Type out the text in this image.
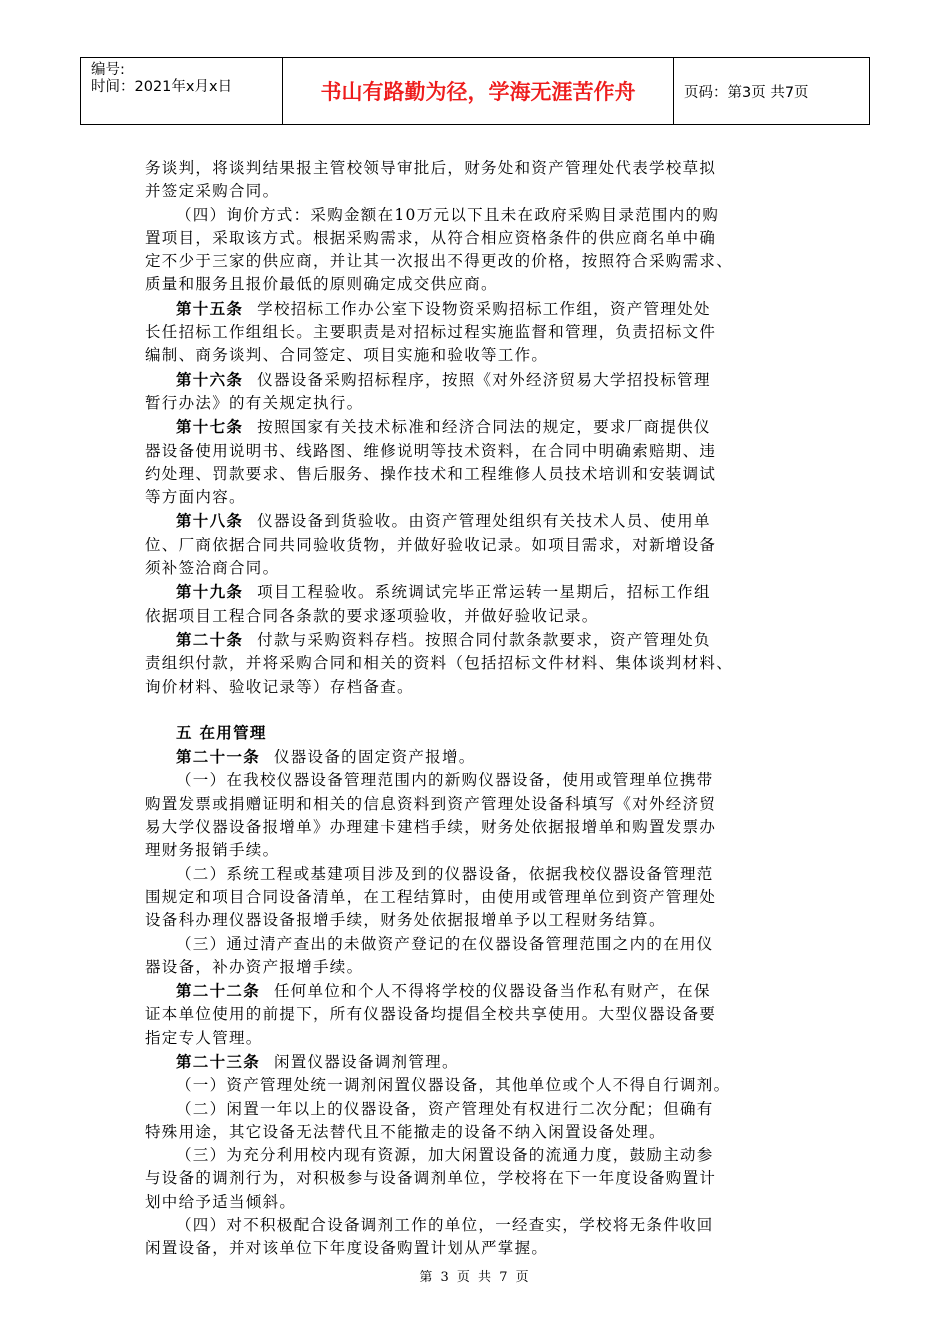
编号:
时间：2021年x月x日	书山有路勤为径，学海无涯苦作舟	页码：第3页 共7页

务谈判，将谈判结果报主管校领导审批后，财务处和资产管理处代表学校草拟

并签定采购合同。

（四）询价方式：采购金额在10万元以下且未在政府采购目录范围内的购

置项目，采取该方式。根据采购需求，从符合相应资格条件的供应商名单中确

定不少于三家的供应商，并让其一次报出不得更改的价格，按照符合采购需求、

质量和服务且报价最低的原则确定成交供应商。

第十五条 学校招标工作办公室下设物资采购招标工作组，资产管理处处

长任招标工作组组长。主要职责是对招标过程实施监督和管理，负责招标文件

编制、商务谈判、合同签定、项目实施和验收等工作。

第十六条 仪器设备采购招标程序，按照《对外经济贸易大学招投标管理

暂行办法》的有关规定执行。

第十七条 按照国家有关技术标准和经济合同法的规定，要求厂商提供仪

器设备使用说明书、线路图、维修说明等技术资料，在合同中明确索赔期、违

约处理、罚款要求、售后服务、操作技术和工程维修人员技术培训和安装调试

等方面内容。

第十八条 仪器设备到货验收。由资产管理处组织有关技术人员、使用单

位、厂商依据合同共同验收货物，并做好验收记录。如项目需求，对新增设备

须补签洽商合同。

第十九条 项目工程验收。系统调试完毕正常运转一星期后，招标工作组

依据项目工程合同各条款的要求逐项验收，并做好验收记录。

第二十条 付款与采购资料存档。按照合同付款条款要求，资产管理处负

责组织付款，并将采购合同和相关的资料（包括招标文件材料、集体谈判材料、

询价材料、验收记录等）存档备查。

五 在用管理

第二十一条 仪器设备的固定资产报增。

（一）在我校仪器设备管理范围内的新购仪器设备，使用或管理单位携带

购置发票或捐赠证明和相关的信息资料到资产管理处设备科填写《对外经济贸

易大学仪器设备报增单》办理建卡建档手续，财务处依据报增单和购置发票办

理财务报销手续。

（二）系统工程或基建项目涉及到的仪器设备，依据我校仪器设备管理范

围规定和项目合同设备清单，在工程结算时，由使用或管理单位到资产管理处

设备科办理仪器设备报增手续，财务处依据报增单予以工程财务结算。

（三）通过清产查出的未做资产登记的在仪器设备管理范围之内的在用仪

器设备，补办资产报增手续。

第二十二条 任何单位和个人不得将学校的仪器设备当作私有财产，在保

证本单位使用的前提下，所有仪器设备均提倡全校共享使用。大型仪器设备要

指定专人管理。

第二十三条 闲置仪器设备调剂管理。

（一）资产管理处统一调剂闲置仪器设备，其他单位或个人不得自行调剂。

（二）闲置一年以上的仪器设备，资产管理处有权进行二次分配；但确有

特殊用途，其它设备无法替代且不能撤走的设备不纳入闲置设备处理。

（三）为充分利用校内现有资源，加大闲置设备的流通力度，鼓励主动参

与设备的调剂行为，对积极参与设备调剂单位，学校将在下一年度设备购置计

划中给予适当倾斜。

（四）对不积极配合设备调剂工作的单位，一经查实，学校将无条件收回

闲置设备，并对该单位下年度设备购置计划从严掌握。

第 3 页 共 7 页
